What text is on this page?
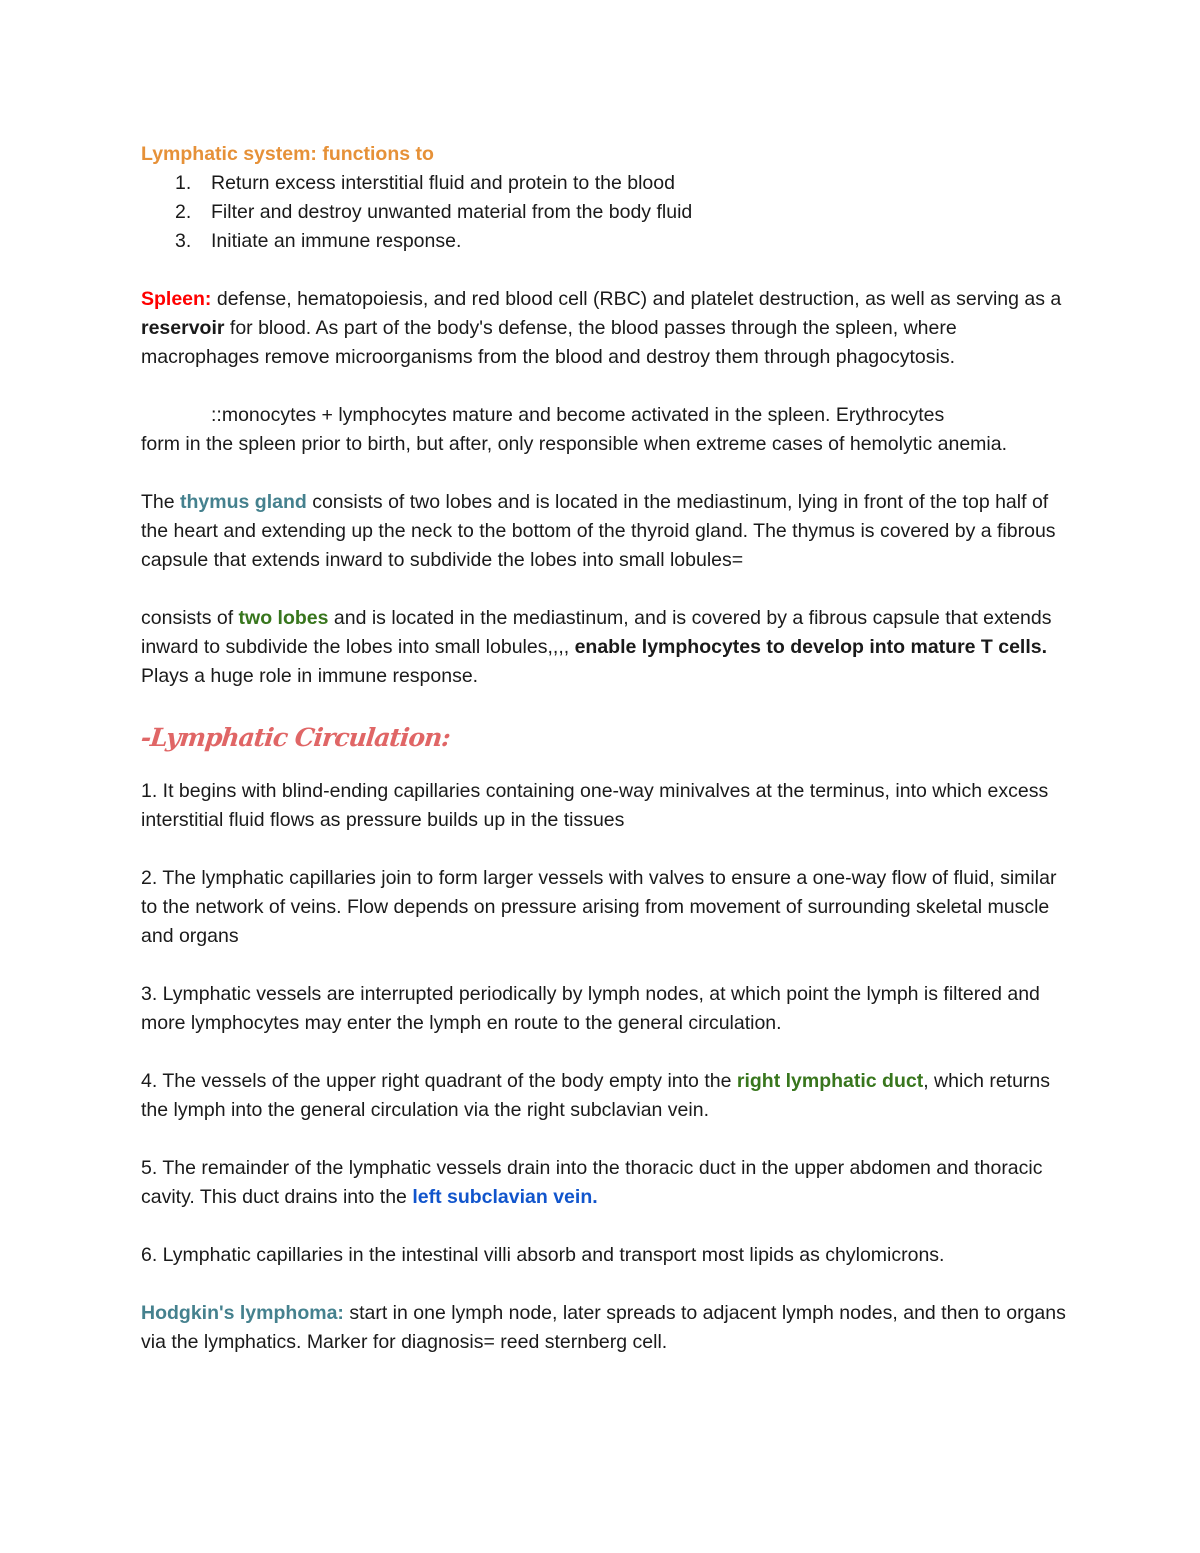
Lymphatic system: functions to

1. Return excess interstitial fluid and protein to the blood
2. Filter and destroy unwanted material from the body fluid
3. Initiate an immune response.

Spleen: defense, hematopoiesis, and red blood cell (RBC) and platelet destruction, as well as serving as a reservoir for blood. As part of the body's defense, the blood passes through the spleen, where macrophages remove microorganisms from the blood and destroy them through phagocytosis.

::monocytes + lymphocytes mature and become activated in the spleen. Erythrocytes
form in the spleen prior to birth, but after, only responsible when extreme cases of hemolytic anemia.

The thymus gland consists of two lobes and is located in the mediastinum, lying in front of the top half of the heart and extending up the neck to the bottom of the thyroid gland. The thymus is covered by a fibrous capsule that extends inward to subdivide the lobes into small lobules=

consists of two lobes and is located in the mediastinum, and is covered by a fibrous capsule that extends inward to subdivide the lobes into small lobules,,,, enable lymphocytes to develop into mature T cells. Plays a huge role in immune response.

-Lymphatic Circulation:

1. It begins with blind-ending capillaries containing one-way minivalves at the terminus, into which excess interstitial fluid flows as pressure builds up in the tissues

2. The lymphatic capillaries join to form larger vessels with valves to ensure a one-way flow of fluid, similar to the network of veins. Flow depends on pressure arising from movement of surrounding skeletal muscle and organs

3. Lymphatic vessels are interrupted periodically by lymph nodes, at which point the lymph is filtered and more lymphocytes may enter the lymph en route to the general circulation.

4. The vessels of the upper right quadrant of the body empty into the right lymphatic duct, which returns the lymph into the general circulation via the right subclavian vein.

5. The remainder of the lymphatic vessels drain into the thoracic duct in the upper abdomen and thoracic cavity. This duct drains into the left subclavian vein.

6. Lymphatic capillaries in the intestinal villi absorb and transport most lipids as chylomicrons.

Hodgkin's lymphoma: start in one lymph node, later spreads to adjacent lymph nodes, and then to organs via the lymphatics. Marker for diagnosis= reed sternberg cell.
